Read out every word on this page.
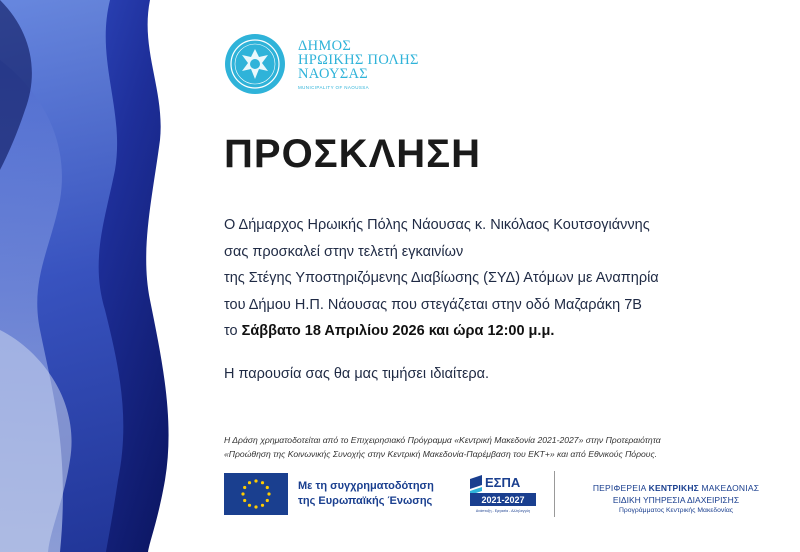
ΔΗΜΟΣ
ΗΡΩΙΚΗΣ ΠΟΛΗΣ
ΝΑΟΥΣΑΣ
MUNICIPALITY OF NAOUSSA
ΠΡΟΣΚΛΗΣΗ
Ο Δήμαρχος Ηρωικής Πόλης Νάουσας κ. Νικόλαος Κουτσογιάννης
σας προσκαλεί στην τελετή εγκαινίων
της Στέγης Υποστηριζόμενης Διαβίωσης (ΣΥΔ) Ατόμων με Αναπηρία
του Δήμου Η.Π. Νάουσας που στεγάζεται στην οδό Μαζαράκη 7Β
το Σάββατο 18 Απριλίου 2026 και ώρα 12:00 μ.μ.
Η παρουσία σας θα μας τιμήσει ιδιαίτερα.
Η Δράση χρηματοδοτείται από το Επιχειρησιακό Πρόγραμμα «Κεντρική Μακεδονία 2021-2027» στην Προτεραιότητα
«Προώθηση της Κοινωνικής Συνοχής στην Κεντρική Μακεδονία-Παρέμβαση του ΕΚΤ+» και από Εθνικούς Πόρους.
Με τη συγχρηματοδότηση
της Ευρωπαϊκής Ένωσης
ΕΣΠΑ
2021-2027
Ανάπτυξη - Εργασία - Αλληλεγγύη
ΠΕΡΙΦΕΡΕΙΑ ΚΕΝΤΡΙΚΗΣ ΜΑΚΕΔΟΝΙΑΣ
ΕΙΔΙΚΗ ΥΠΗΡΕΣΙΑ ΔΙΑΧΕΙΡΙΣΗΣ
Προγράμματος Κεντρικής Μακεδονίας
